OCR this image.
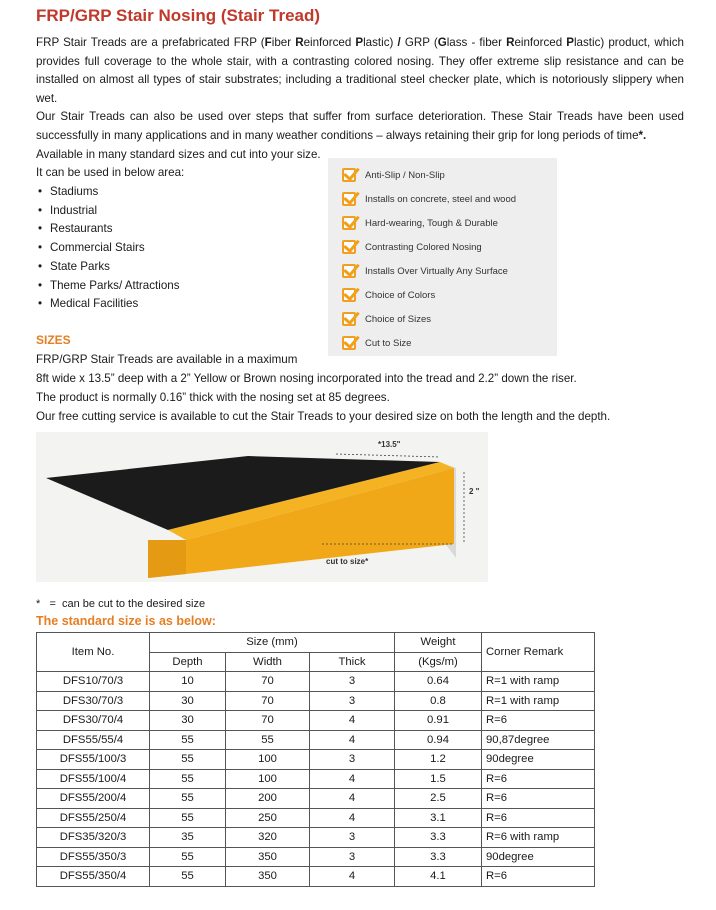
FRP/GRP Stair Nosing (Stair Tread)

FRP Stair Treads are a prefabricated FRP (Fiber Reinforced Plastic) / GRP (Glass - fiber Reinforced Plastic) product, which provides full coverage to the whole stair, with a contrasting colored nosing. They offer extreme slip resistance and can be installed on almost all types of stair substrates; including a traditional steel checker plate, which is notoriously slippery when wet.

Our Stair Treads can also be used over steps that suffer from surface deterioration. These Stair Treads have been used successfully in many applications and in many weather conditions – always retaining their grip for long periods of time*.

Available in many standard sizes and cut into your size.

It can be used in below area:

• Stadiums
• Industrial
• Restaurants
• Commercial Stairs
• State Parks
• Theme Parks/ Attractions
• Medical Facilities
Anti-Slip / Non-Slip
Installs on concrete, steel and wood
Hard-wearing, Tough & Durable
Contrasting Colored Nosing
Installs Over Virtually Any Surface
Choice of Colors
Choice of Sizes
Cut to Size
SIZES

FRP/GRP Stair Treads are available in a maximum

8ft wide x 13.5” deep with a 2” Yellow or Brown nosing incorporated into the tread and 2.2” down the riser.

The product is normally 0.16” thick with the nosing set at 85 degrees.

Our free cutting service is available to cut the Stair Treads to your desired size on both the length and the depth.

*13.5"
2 "
cut to size*

* = can be cut to the desired size

The standard size is as below:
Item No.	Size (mm)			Weight	Corner Remark
	Depth	Width	Thick	(Kgs/m)	
DFS10/70/3	10	70	3	0.64	R=1 with ramp
DFS30/70/3	30	70	3	0.8	R=1 with ramp
DFS30/70/4	30	70	4	0.91	R=6
DFS55/55/4	55	55	4	0.94	90,87degree
DFS55/100/3	55	100	3	1.2	90degree
DFS55/100/4	55	100	4	1.5	R=6
DFS55/200/4	55	200	4	2.5	R=6
DFS55/250/4	55	250	4	3.1	R=6
DFS35/320/3	35	320	3	3.3	R=6 with ramp
DFS55/350/3	55	350	3	3.3	90degree
DFS55/350/4	55	350	4	4.1	R=6
